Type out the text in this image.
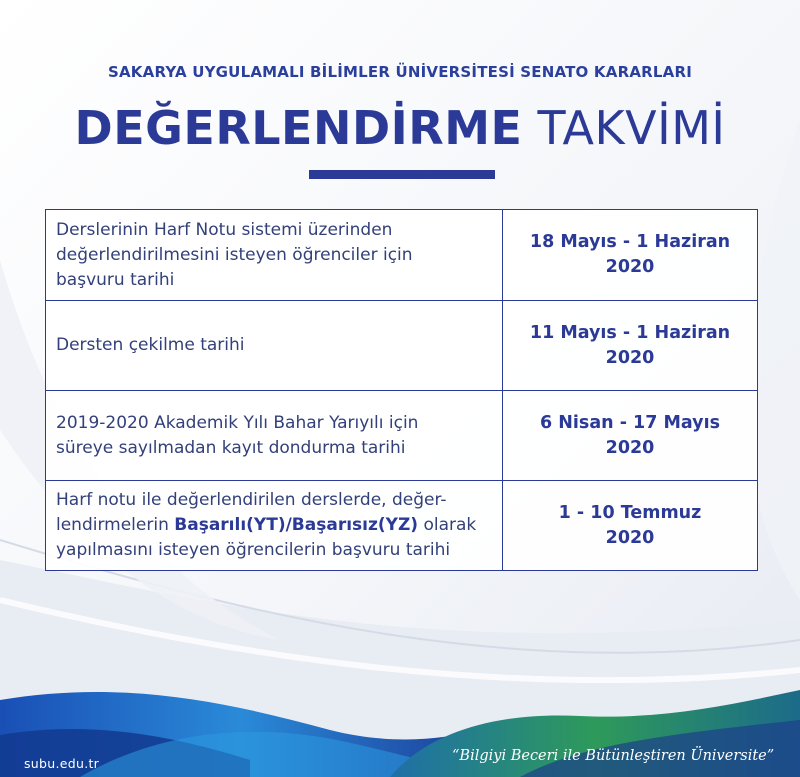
SAKARYA UYGULAMALI BİLİMLER ÜNİVERSİTESİ SENATO KARARLARI
DEĞERLENDİRME TAKVİMİ
Derslerinin Harf Notu sistemi üzerinden
değerlendirilmesini isteyen öğrenciler için
başvuru tarihi
18 Mayıs - 1 Haziran
2020
Dersten çekilme tarihi
11 Mayıs - 1 Haziran
2020
2019-2020 Akademik Yılı Bahar Yarıyılı için
süreye sayılmadan kayıt dondurma tarihi
6 Nisan - 17 Mayıs
2020
Harf notu ile değerlendirilen derslerde, değer-
lendirmelerin Başarılı(YT)/Başarısız(YZ) olarak
yapılmasını isteyen öğrencilerin başvuru tarihi
1 - 10 Temmuz
2020
subu.edu.tr	“Bilgiyi Beceri ile Bütünleştiren Üniversite”
